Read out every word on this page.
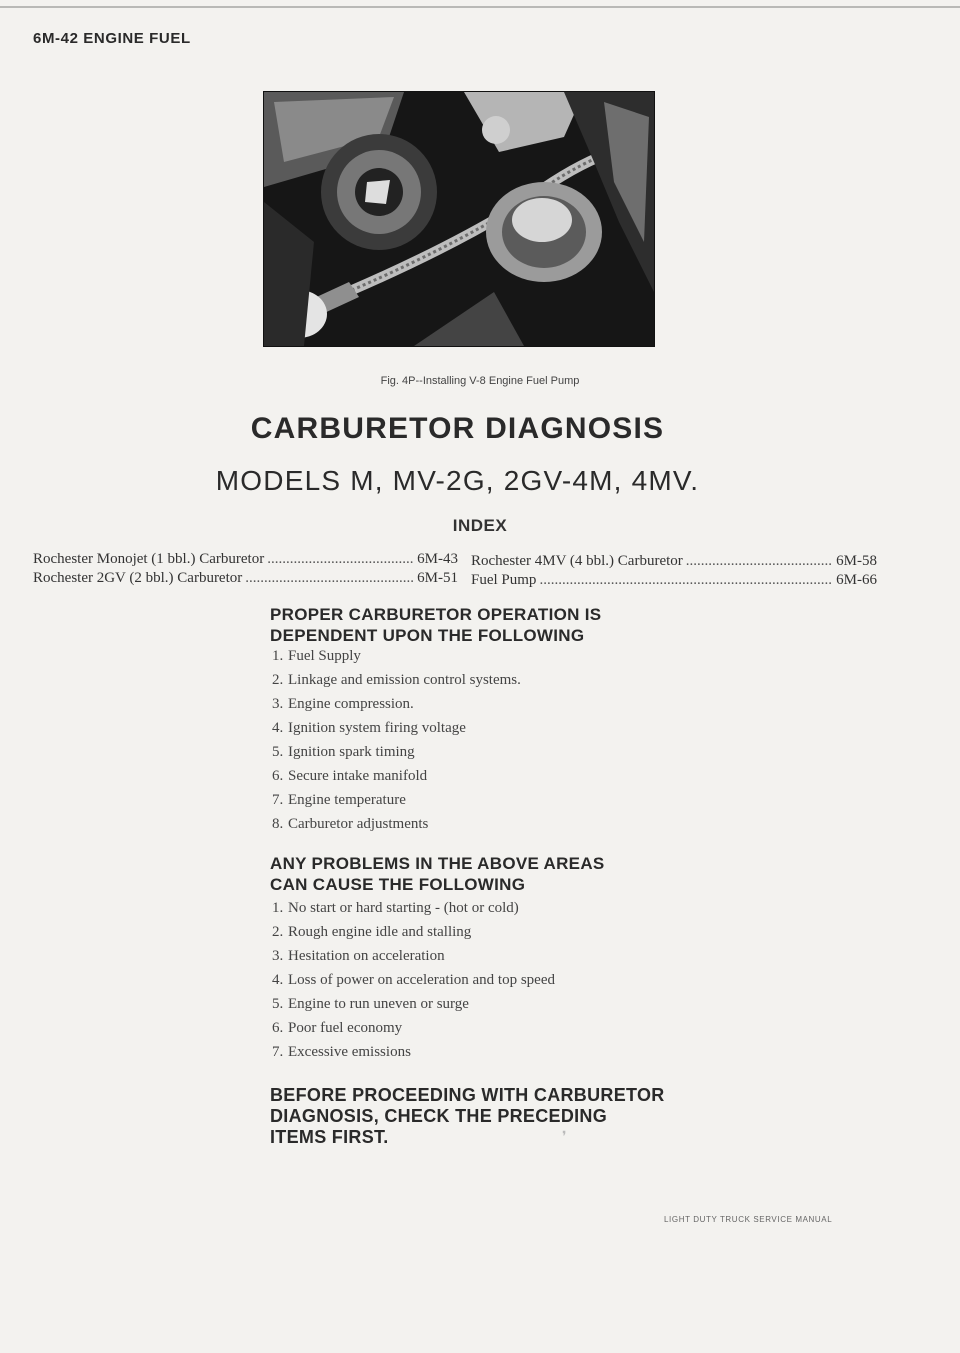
6M-42 ENGINE FUEL
Fig. 4P--Installing V-8 Engine Fuel Pump
CARBURETOR DIAGNOSIS
MODELS M, MV-2G, 2GV-4M, 4MV.
INDEX
Rochester Monojet (1 bbl.) Carburetor .....	6M-43
Rochester 2GV (2 bbl.) Carburetor .....	6M-51
Rochester 4MV (4 bbl.) Carburetor .....	6M-58
Fuel Pump .....	6M-66
PROPER CARBURETOR OPERATION IS
DEPENDENT UPON THE FOLLOWING
1. Fuel Supply
2. Linkage and emission control systems.
3. Engine compression.
4. Ignition system firing voltage
5. Ignition spark timing
6. Secure intake manifold
7. Engine temperature
8. Carburetor adjustments
ANY PROBLEMS IN THE ABOVE AREAS
CAN CAUSE THE FOLLOWING
1. No start or hard starting - (hot or cold)
2. Rough engine idle and stalling
3. Hesitation on acceleration
4. Loss of power on acceleration and top speed
5. Engine to run uneven or surge
6. Poor fuel economy
7. Excessive emissions
BEFORE PROCEEDING WITH CARBURETOR
DIAGNOSIS, CHECK THE PRECEDING
ITEMS FIRST.	❜
LIGHT DUTY TRUCK SERVICE MANUAL
